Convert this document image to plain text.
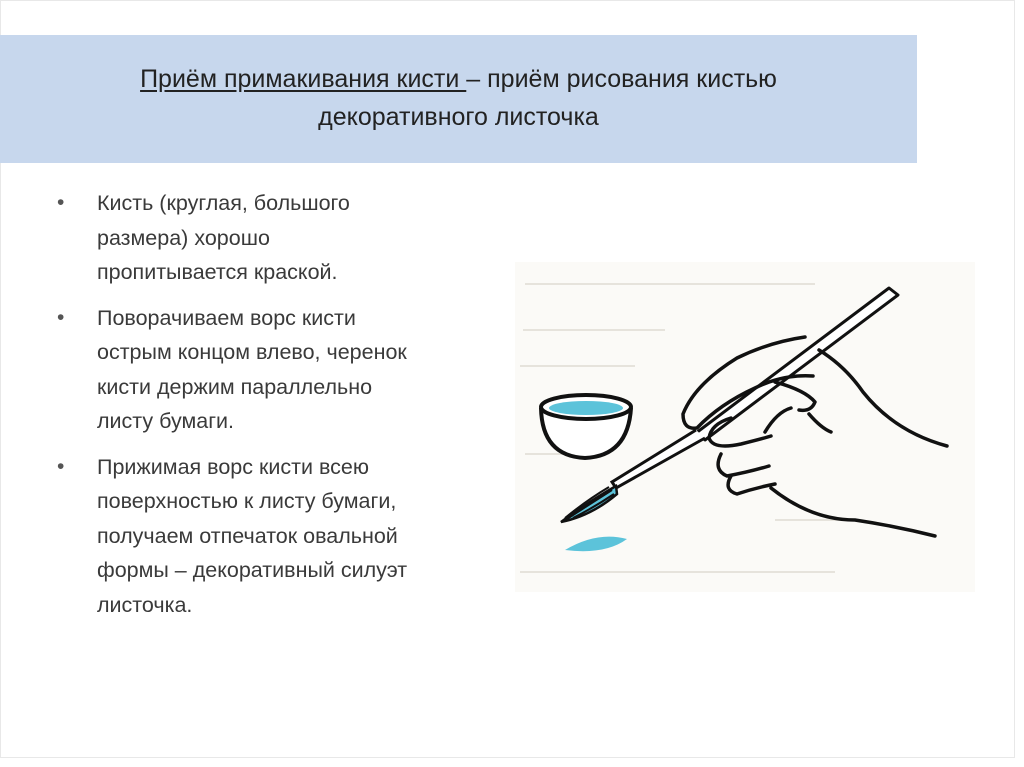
Приём примакивания кисти – приём рисования кистью
декоративного листочка
• Кисть (круглая, большого
размера) хорошо
пропитывается краской.
• Поворачиваем ворс кисти
острым концом влево, черенок
кисти держим параллельно
листу бумаги.
• Прижимая ворс кисти всею
поверхностью к листу бумаги,
получаем отпечаток овальной
формы – декоративный силуэт
листочка.
